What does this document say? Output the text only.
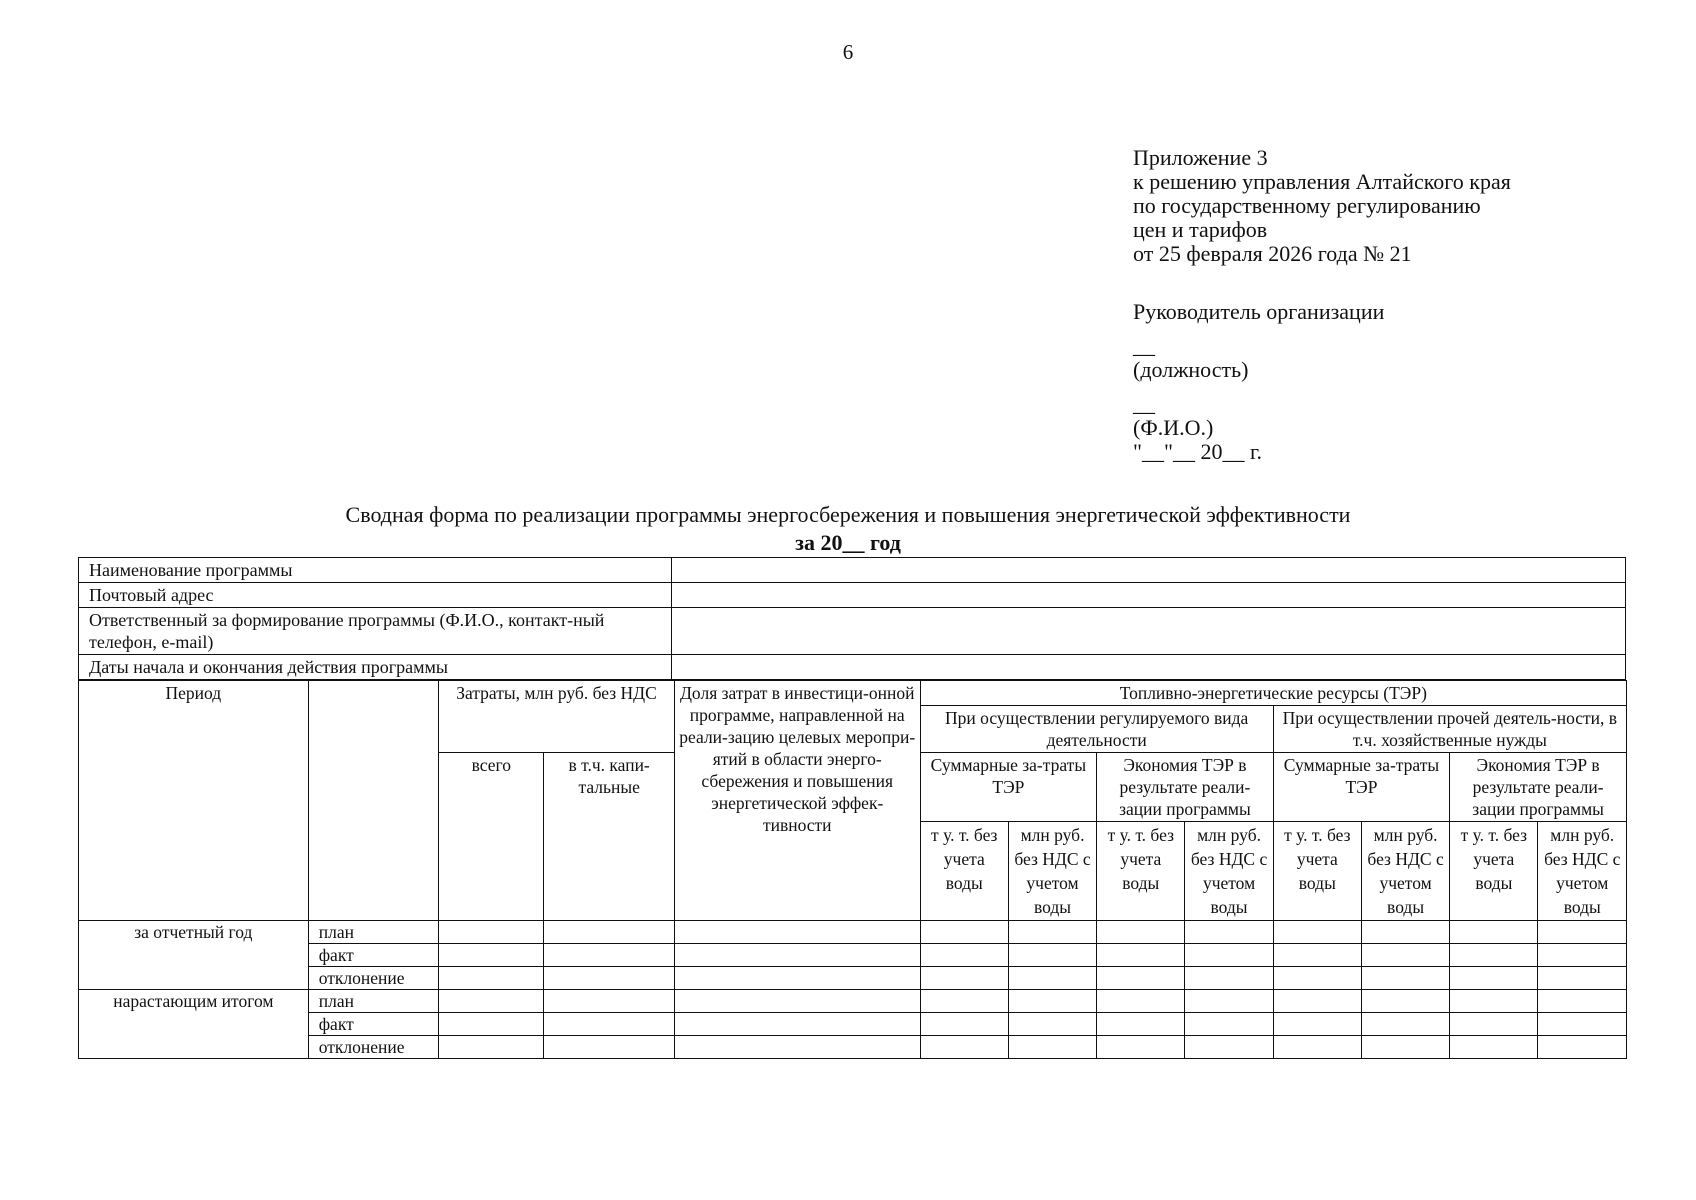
6
Приложение 3
к решению управления Алтайского края
по государственному регулированию
цен и тарифов
от 25 февраля 2026 года № 21
Руководитель организации
__
(должность)
__
(Ф.И.О.)
"__"__ 20__ г.
Сводная форма по реализации программы энергосбережения и повышения энергетической эффективности
за 20__ год
Наименование программы	
Почтовый адрес	
Ответственный за формирование программы (Ф.И.О., контакт-ный телефон, e-mail)	
Даты начала и окончания действия программы	
Период		Затраты, млн руб. без НДС		Доля затрат в инвестици-онной программе, направленной на реали-зацию целевых меропри-ятий в области энерго-сбережения и повышения энергетической эффек-тивности	Топливно-энергетические ресурсы (ТЭР)							
					При осуществлении регулируемого вида деятельности				При осуществлении прочей деятель-ности, в т.ч. хозяйственные нужды			
		всего	в т.ч. капи-тальные		Суммарные за-траты ТЭР		Экономия ТЭР в результате реали-зации программы		Суммарные за-траты ТЭР		Экономия ТЭР в результате реали-зации программы	
					т у. т. без учета воды	млн руб. без НДС с учетом воды	т у. т. без учета воды	млн руб. без НДС с учетом воды	т у. т. без учета воды	млн руб. без НДС с учетом воды	т у. т. без учета воды	млн руб. без НДС с учетом воды
за отчетный год	план											
	факт											
	отклонение											
нарастающим итогом	план											
	факт											
	отклонение											
